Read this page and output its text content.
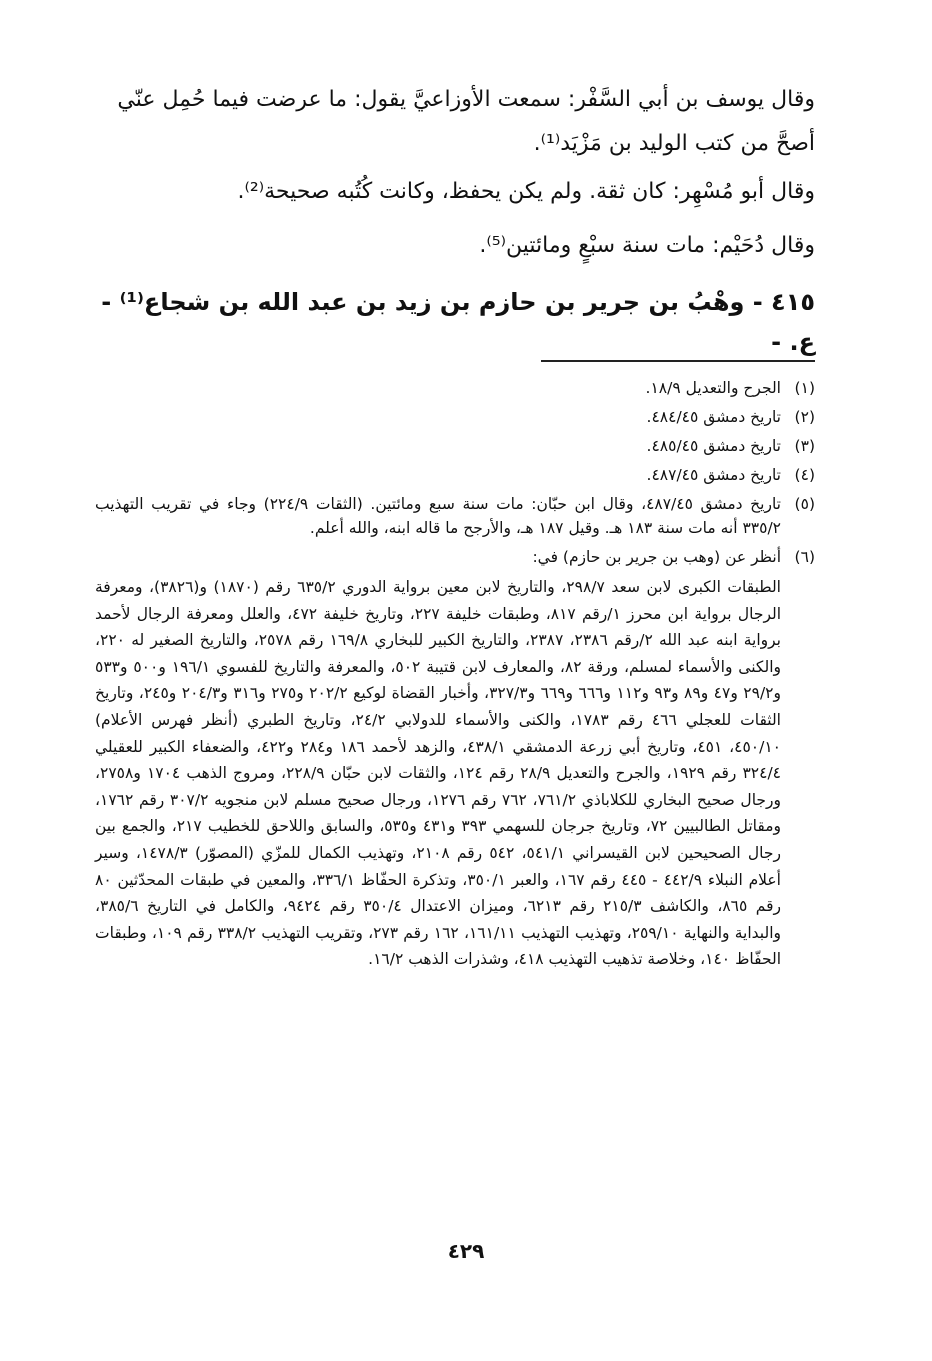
وقال يوسف بن أبي السَّفْر: سمعت الأوزاعيَّ يقول: ما عرضت فيما حُمِل عنّي أصحَّ من كتب الوليد بن مَزْيَد⁽¹⁾.

وقال أبو مُسْهِر: كان ثقة. ولم يكن يحفظ، وكانت كُتُبه صحيحة⁽²⁾.

وقال دُحَيْم: مات سنة سبْعٍ ومائتين⁽⁵⁾.

٤١٥ - وهْبُ بن جرير بن حازم بن زيد بن عبد الله بن شجاع⁽¹⁾ - ع. -
(١)
الجرح والتعديل ١٨/٩.
(٢)
تاريخ دمشق ٤٨٤/٤٥.
(٣)
تاريخ دمشق ٤٨٥/٤٥.
(٤)
تاريخ دمشق ٤٨٧/٤٥.
(٥)
تاريخ دمشق ٤٨٧/٤٥، وقال ابن حبّان: مات سنة سبع ومائتين. (الثقات ٢٢٤/٩) وجاء في تقريب التهذيب ٣٣٥/٢ أنه مات سنة ١٨٣ هـ. وقيل ١٨٧ هـ، والأرجح ما قاله ابنه، والله أعلم.
(٦)
أنظر عن (وهب بن جرير بن حازم) في:
الطبقات الكبرى لابن سعد ٢٩٨/٧، والتاريخ لابن معين برواية الدوري ٦٣٥/٢ رقم (١٨٧٠) و(٣٨٢٦)، ومعرفة الرجال برواية ابن محرز ١/رقم ٨١٧، وطبقات خليفة ٢٢٧، وتاريخ خليفة ٤٧٢، والعلل ومعرفة الرجال لأحمد برواية ابنه عبد الله ٢/رقم ٢٣٨٦، ٢٣٨٧، والتاريخ الكبير للبخاري ١٦٩/٨ رقم ٢٥٧٨، والتاريخ الصغير له ٢٢٠، والكنى والأسماء لمسلم، ورقة ٨٢، والمعارف لابن قتيبة ٥٠٢، والمعرفة والتاريخ للفسوي ١٩٦/١ و٥٠٠ و٥٣٣ و٢٩/٢ و٤٧ و٨٩ و٩٣ و١١٢ و٦٦٦ و٦٦٩ و٣٢٧/٣، وأخبار القضاة لوكيع ٢٠٢/٢ و٢٧٥ و٣١٦ و٢٠٤/٣ و٢٤٥، وتاريخ الثقات للعجلي ٤٦٦ رقم ١٧٨٣، والكنى والأسماء للدولابي ٢٤/٢، وتاريخ الطبري (أنظر فهرس الأعلام) ٤٥٠/١٠، ٤٥١، وتاريخ أبي زرعة الدمشقي ٤٣٨/١، والزهد لأحمد ١٨٦ و٢٨٤ و٤٢٢، والضعفاء الكبير للعقيلي ٣٢٤/٤ رقم ١٩٢٩، والجرح والتعديل ٢٨/٩ رقم ١٢٤، والثقات لابن حبّان ٢٢٨/٩، ومروج الذهب ١٧٠٤ و٢٧٥٨، ورجال صحيح البخاري للكلاباذي ٧٦١/٢، ٧٦٢ رقم ١٢٧٦، ورجال صحيح مسلم لابن منجويه ٣٠٧/٢ رقم ١٧٦٢، ومقاتل الطالبيين ٧٢، وتاريخ جرجان للسهمي ٣٩٣ و٤٣١ و٥٣٥، والسابق واللاحق للخطيب ٢١٧، والجمع بين رجال الصحيحين لابن القيسراني ٥٤١/١، ٥٤٢ رقم ٢١٠٨، وتهذيب الكمال للمزّي (المصوّر) ١٤٧٨/٣، وسير أعلام النبلاء ٤٤٢/٩ - ٤٤٥ رقم ١٦٧، والعبر ٣٥٠/١، وتذكرة الحفّاظ ٣٣٦/١، والمعين في طبقات المحدّثين ٨٠ رقم ٨٦٥، والكاشف ٢١٥/٣ رقم ٦٢١٣، وميزان الاعتدال ٣٥٠/٤ رقم ٩٤٢٤، والكامل في التاريخ ٣٨٥/٦، والبداية والنهاية ٢٥٩/١٠، وتهذيب التهذيب ١٦١/١١، ١٦٢ رقم ٢٧٣، وتقريب التهذيب ٣٣٨/٢ رقم ١٠٩، وطبقات الحفّاظ ١٤٠، وخلاصة تذهيب التهذيب ٤١٨، وشذرات الذهب ١٦/٢.
٤٢٩
